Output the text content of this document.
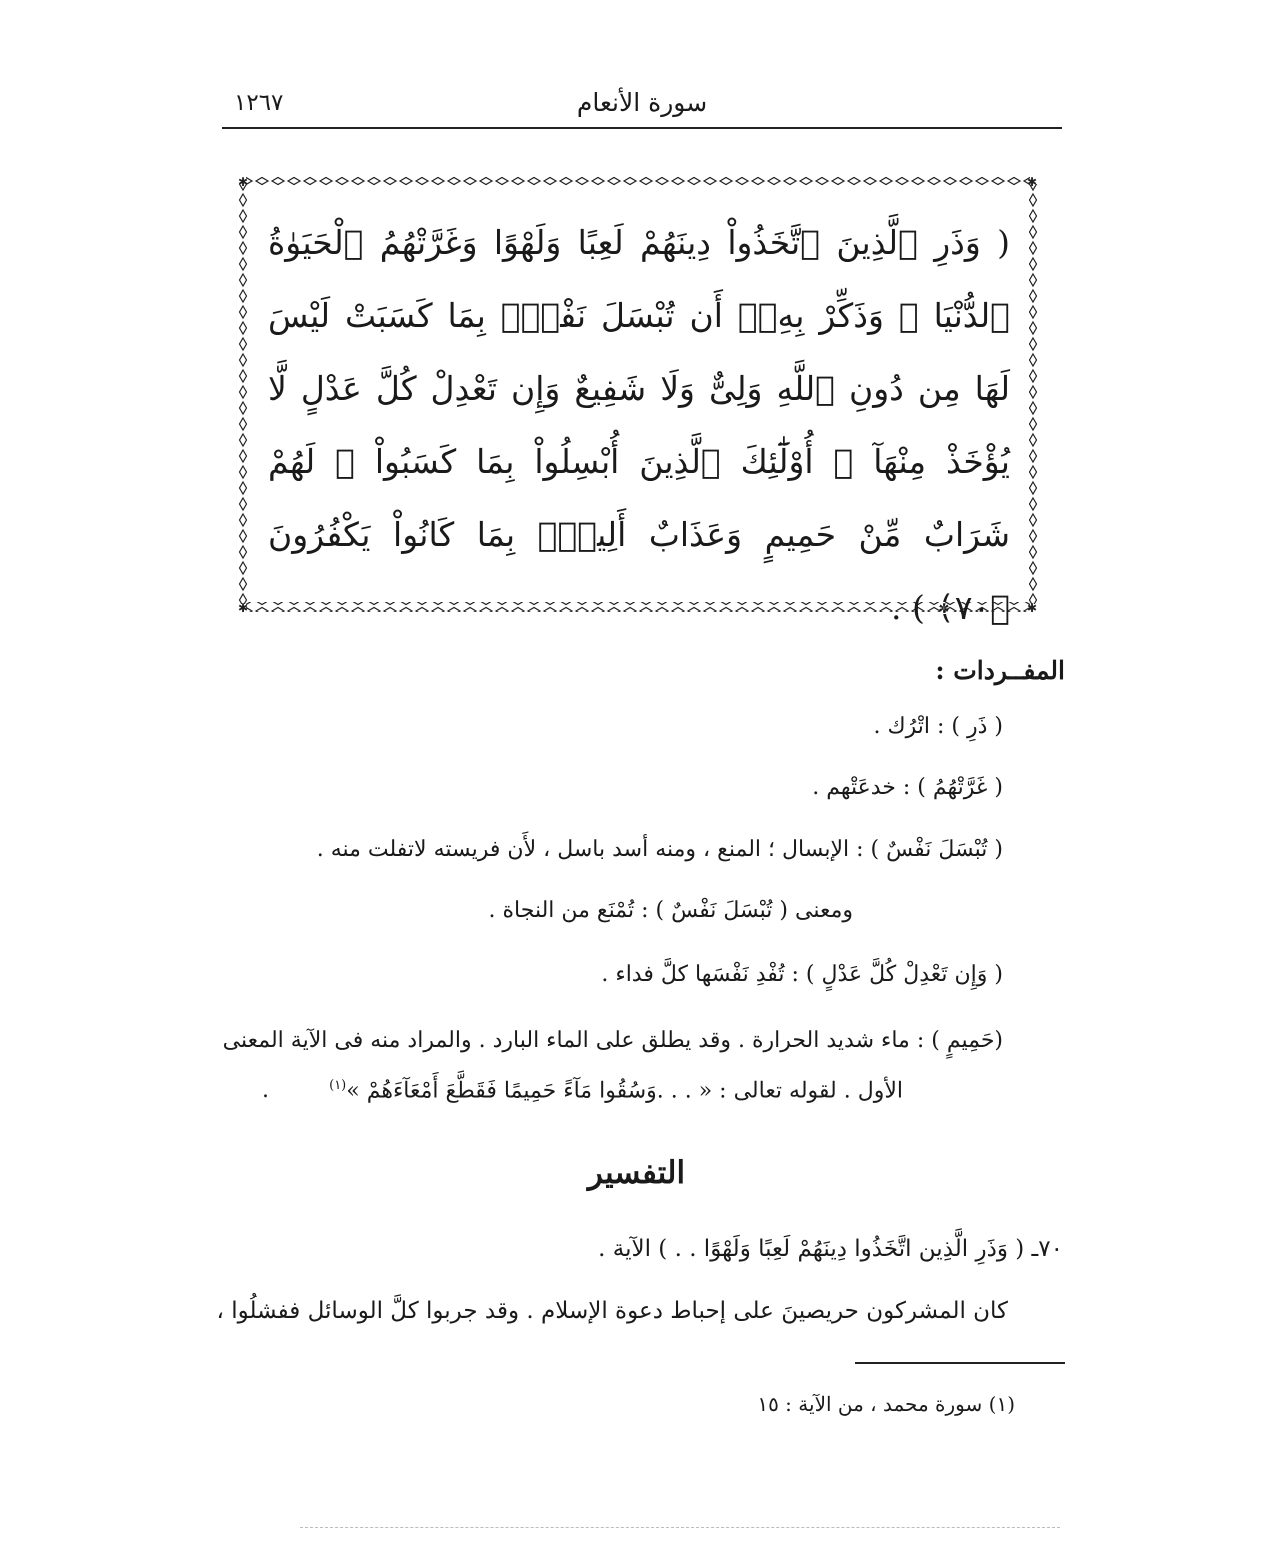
سورة الأنعام
١٢٦٧
✱	✱
✱	✱
( وَذَرِ ٱلَّذِينَ ٱتَّخَذُواْ دِينَهُمْ لَعِبًا وَلَهْوًا وَغَرَّتْهُمُ ٱلْحَيَوٰةُ ٱلدُّنْيَا ۚ وَذَكِّرْ بِهِۦٓ أَن تُبْسَلَ نَفْسٌۢ بِمَا كَسَبَتْ لَيْسَ لَهَا مِن دُونِ ٱللَّهِ وَلِىٌّ وَلَا شَفِيعٌ وَإِن تَعْدِلْ كُلَّ عَدْلٍ لَّا يُؤْخَذْ مِنْهَآ ۗ أُوْلَٰٓئِكَ ٱلَّذِينَ أُبْسِلُواْ بِمَا كَسَبُواْ ۖ لَهُمْ شَرَابٌ مِّنْ حَمِيمٍ وَعَذَابٌ أَلِيمٌۢ بِمَا كَانُواْ يَكْفُرُونَ ﴿٧٠﴾ ) .
المفــردات :
( ذَرِ ) : اتْرُك .
( غَرَّتْهُمُ ) : خدعَتْهم .
( تُبْسَلَ نَفْسٌ ) : الإبسال ؛ المنع ، ومنه أسد باسل ، لأَن فريسته لاتفلت منه .
ومعنى ( تُبْسَلَ نَفْسٌ ) : تُمْنَع من النجاة .
( وَإِن تَعْدِلْ كُلَّ عَدْلٍ ) : تُفْدِ نَفْسَها كلَّ فداء .
(حَمِيمٍ ) : ماء شديد الحرارة . وقد يطلق على الماء البارد . والمراد منه فى الآية المعنى
الأول . لقوله تعالى : « . . .وَسُقُوا مَآءً حَمِيمًا فَقَطَّعَ أَمْعَآءَهُمْ »$^{(١)}$
.
التفسير
٧٠ـ ( وَذَرِ الَّذِين اتَّخَذُوا دِينَهُمْ لَعِبًا وَلَهْوًا . . ) الآية .
كان المشركون حريصينَ على إحباط دعوة الإسلام . وقد جربوا كلَّ الوسائل ففشلُوا ،
(١) سورة محمد ، من الآية : ١٥
